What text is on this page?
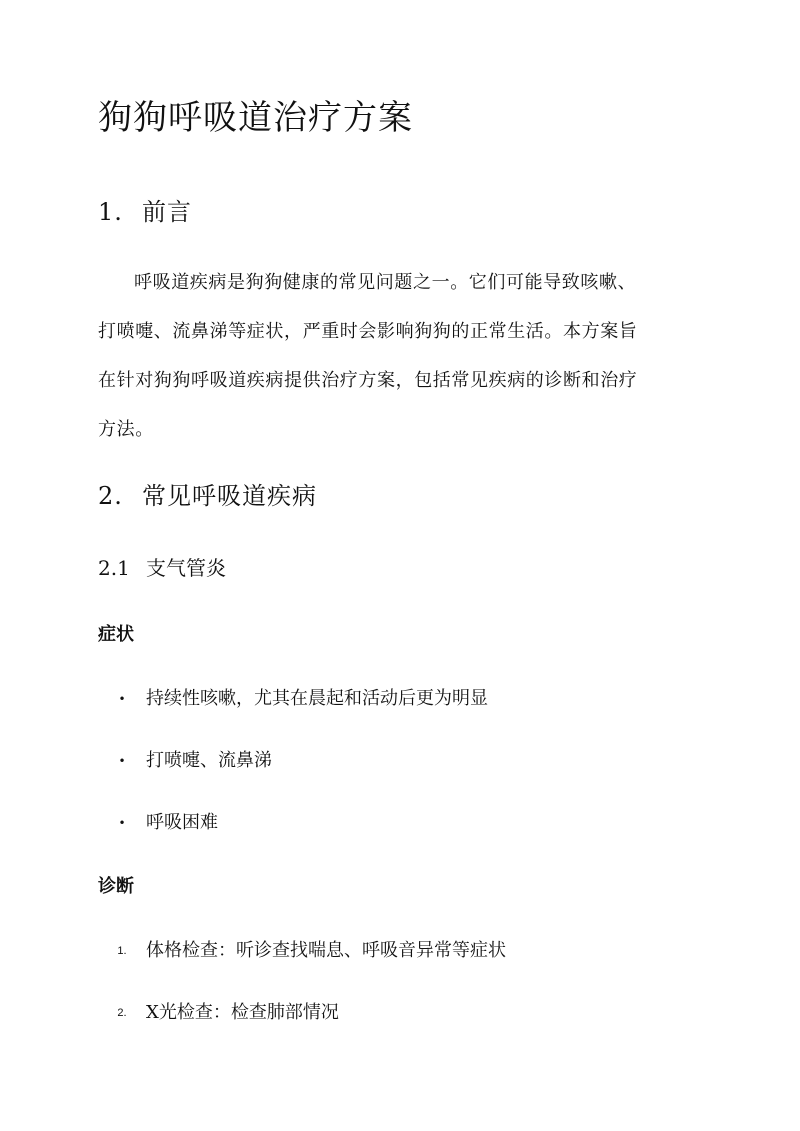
狗狗呼吸道治疗方案
1. 前言
呼吸道疾病是狗狗健康的常见问题之一。它们可能导致咳嗽、
打喷嚏、流鼻涕等症状，严重时会影响狗狗的正常生活。本方案旨
在针对狗狗呼吸道疾病提供治疗方案，包括常见疾病的诊断和治疗
方法。
2. 常见呼吸道疾病
2.1 支气管炎
症状
• 持续性咳嗽，尤其在晨起和活动后更为明显
• 打喷嚏、流鼻涕
• 呼吸困难
诊断
1. 体格检查：听诊查找喘息、呼吸音异常等症状
2. X光检查：检查肺部情况
